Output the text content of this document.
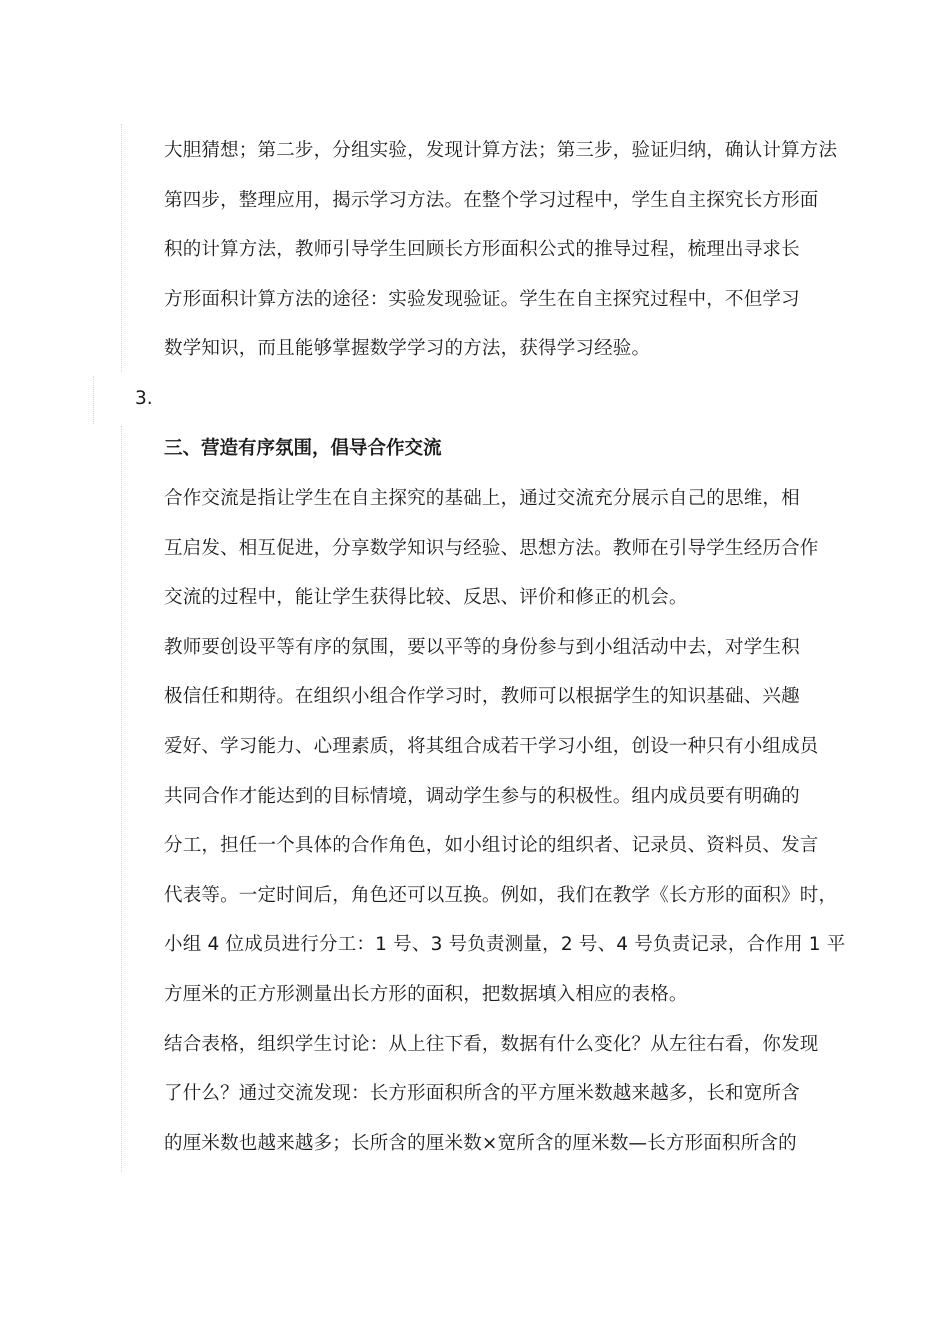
大胆猜想；第二步，分组实验，发现计算方法；第三步，验证归纳，确认计算方法
第四步，整理应用，揭示学习方法。在整个学习过程中，学生自主探究长方形面
积的计算方法，教师引导学生回顾长方形面积公式的推导过程，梳理出寻求长
方形面积计算方法的途径：实验发现验证。学生在自主探究过程中，不但学习
数学知识，而且能够掌握数学学习的方法，获得学习经验。
3.
三、营造有序氛围，倡导合作交流
合作交流是指让学生在自主探究的基础上，通过交流充分展示自己的思维，相
互启发、相互促进，分享数学知识与经验、思想方法。教师在引导学生经历合作
交流的过程中，能让学生获得比较、反思、评价和修正的机会。
教师要创设平等有序的氛围，要以平等的身份参与到小组活动中去，对学生积
极信任和期待。在组织小组合作学习时，教师可以根据学生的知识基础、兴趣
爱好、学习能力、心理素质，将其组合成若干学习小组，创设一种只有小组成员
共同合作才能达到的目标情境，调动学生参与的积极性。组内成员要有明确的
分工，担任一个具体的合作角色，如小组讨论的组织者、记录员、资料员、发言
代表等。一定时间后，角色还可以互换。例如，我们在教学《长方形的面积》时，
小组 4 位成员进行分工：1 号、3 号负责测量，2 号、4 号负责记录，合作用 1 平
方厘米的正方形测量出长方形的面积，把数据填入相应的表格。
结合表格，组织学生讨论：从上往下看，数据有什么变化？从左往右看，你发现
了什么？通过交流发现：长方形面积所含的平方厘米数越来越多，长和宽所含
的厘米数也越来越多；长所含的厘米数×宽所含的厘米数—长方形面积所含的
